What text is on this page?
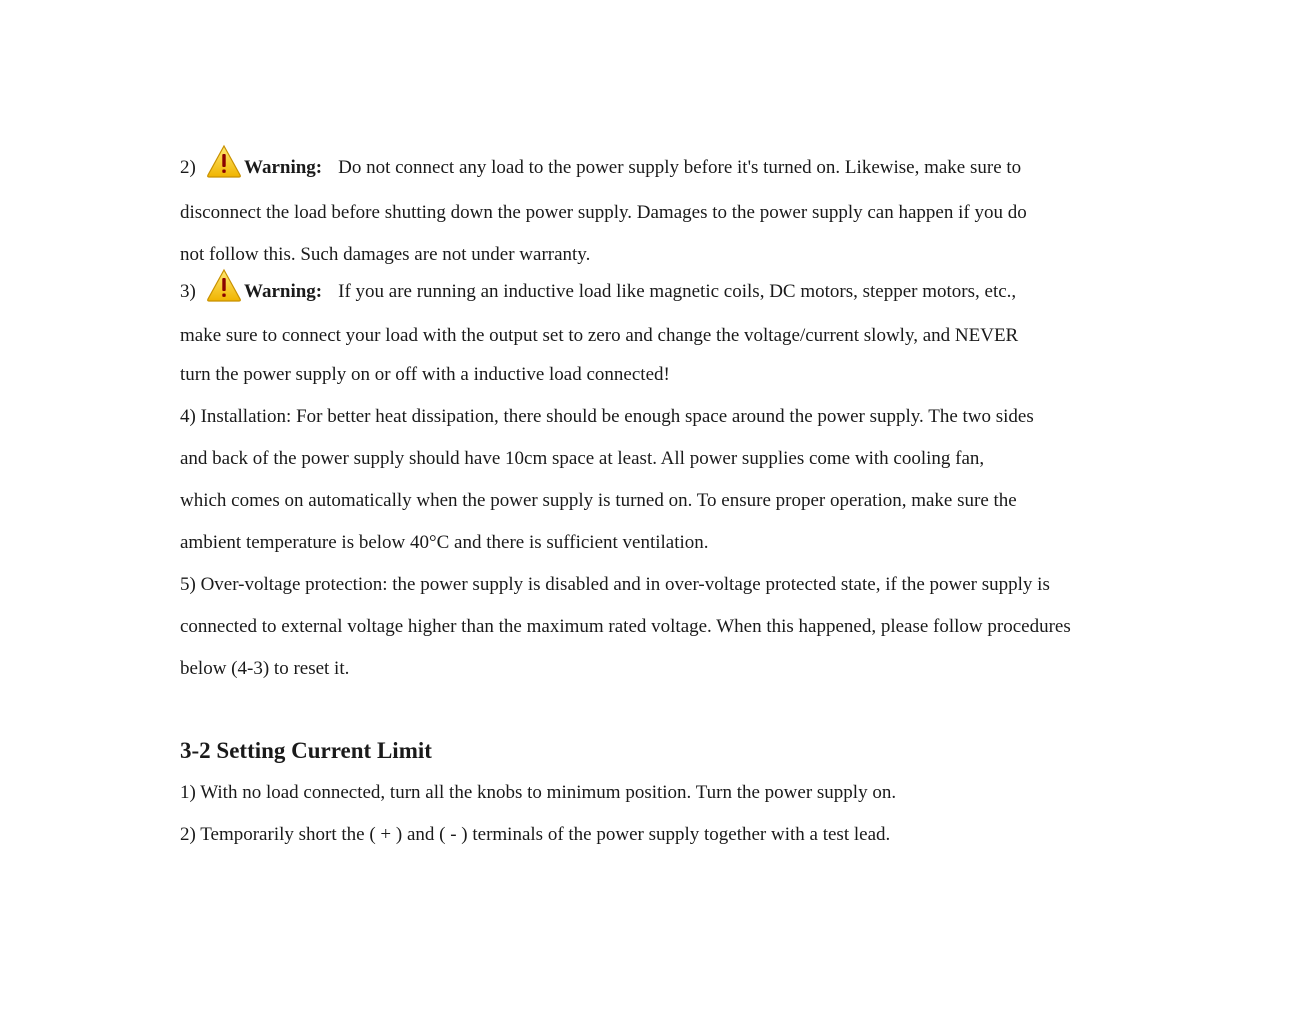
2)	Warning: Do not connect any load to the power supply before it's turned on. Likewise, make sure to
disconnect the load before shutting down the power supply. Damages to the power supply can happen if you do
not follow this. Such damages are not under warranty.
3)	Warning: If you are running an inductive load like magnetic coils, DC motors, stepper motors, etc.,
make sure to connect your load with the output set to zero and change the voltage/current slowly, and NEVER
turn the power supply on or off with a inductive load connected!
4) Installation: For better heat dissipation, there should be enough space around the power supply. The two sides
and back of the power supply should have 10cm space at least. All power supplies come with cooling fan,
which comes on automatically when the power supply is turned on. To ensure proper operation, make sure the
ambient temperature is below 40°C and there is sufficient ventilation.
5) Over-voltage protection: the power supply is disabled and in over-voltage protected state, if the power supply is
connected to external voltage higher than the maximum rated voltage. When this happened, please follow procedures
below (4-3) to reset it.
3-2 Setting Current Limit
1) With no load connected, turn all the knobs to minimum position. Turn the power supply on.
2) Temporarily short the ( + ) and ( - ) terminals of the power supply together with a test lead.
